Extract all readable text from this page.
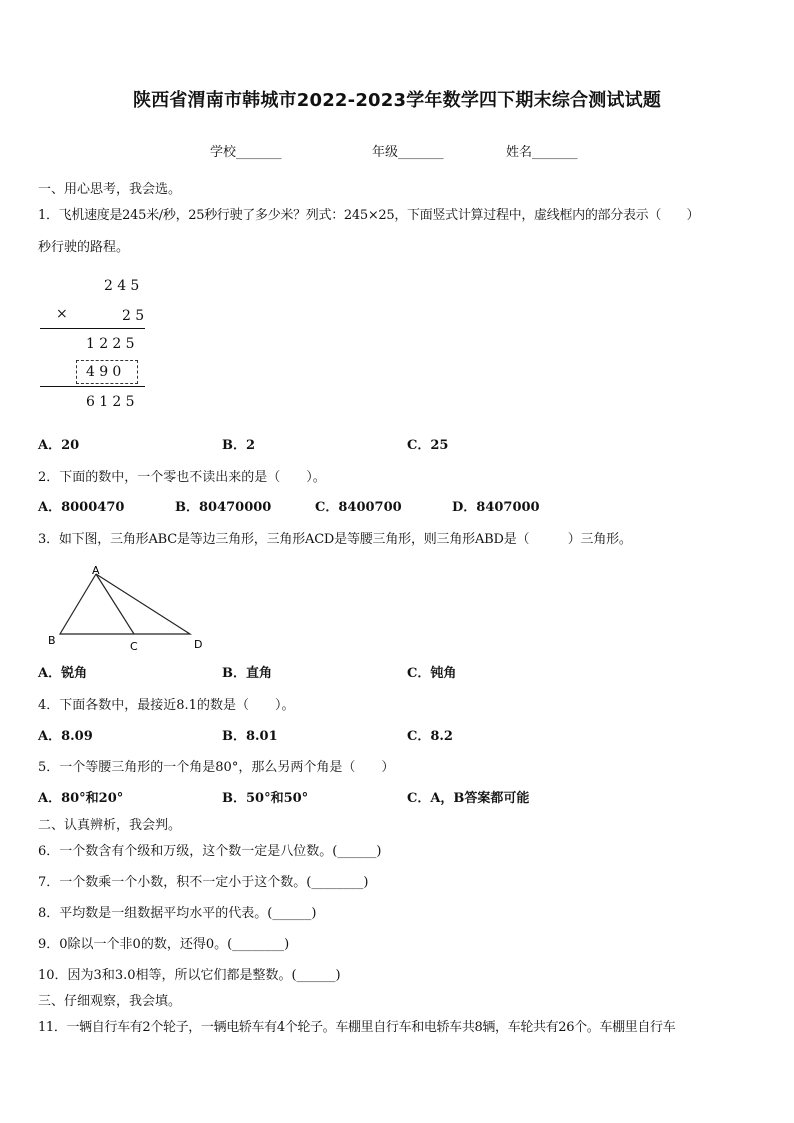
陕西省渭南市韩城市2022-2023学年数学四下期末综合测试试题
学校_______	年级_______	姓名_______
一、用心思考，我会选。
1．飞机速度是245米/秒，25秒行驶了多少米？列式：245×25，下面竖式计算过程中，虚线框内的部分表示（　　）
秒行驶的路程。
245
×	25
1225
490
6125
A．20	B．2	C．25
2．下面的数中，一个零也不读出来的是（　　）。
A．8000470	B．80470000	C．8400700	D．8407000
3．如下图，三角形ABC是等边三角形，三角形ACD是等腰三角形，则三角形ABD是（　　　）三角形。
A
B	C	D
A．锐角	B．直角	C．钝角
4．下面各数中，最接近8.1的数是（　　）。
A．8.09	B．8.01	C．8.2
5．一个等腰三角形的一个角是80°，那么另两个角是（　　）
A．80°和20°	B．50°和50°	C．A，B答案都可能
二、认真辨析，我会判。
6．一个数含有个级和万级，这个数一定是八位数。(______)
7．一个数乘一个小数，积不一定小于这个数。(________)
8．平均数是一组数据平均水平的代表。(______)
9．0除以一个非0的数，还得0。(________)
10．因为3和3.0相等，所以它们都是整数。(______)
三、仔细观察，我会填。
11．一辆自行车有2个轮子，一辆电轿车有4个轮子。车棚里自行车和电轿车共8辆，车轮共有26个。车棚里自行车
